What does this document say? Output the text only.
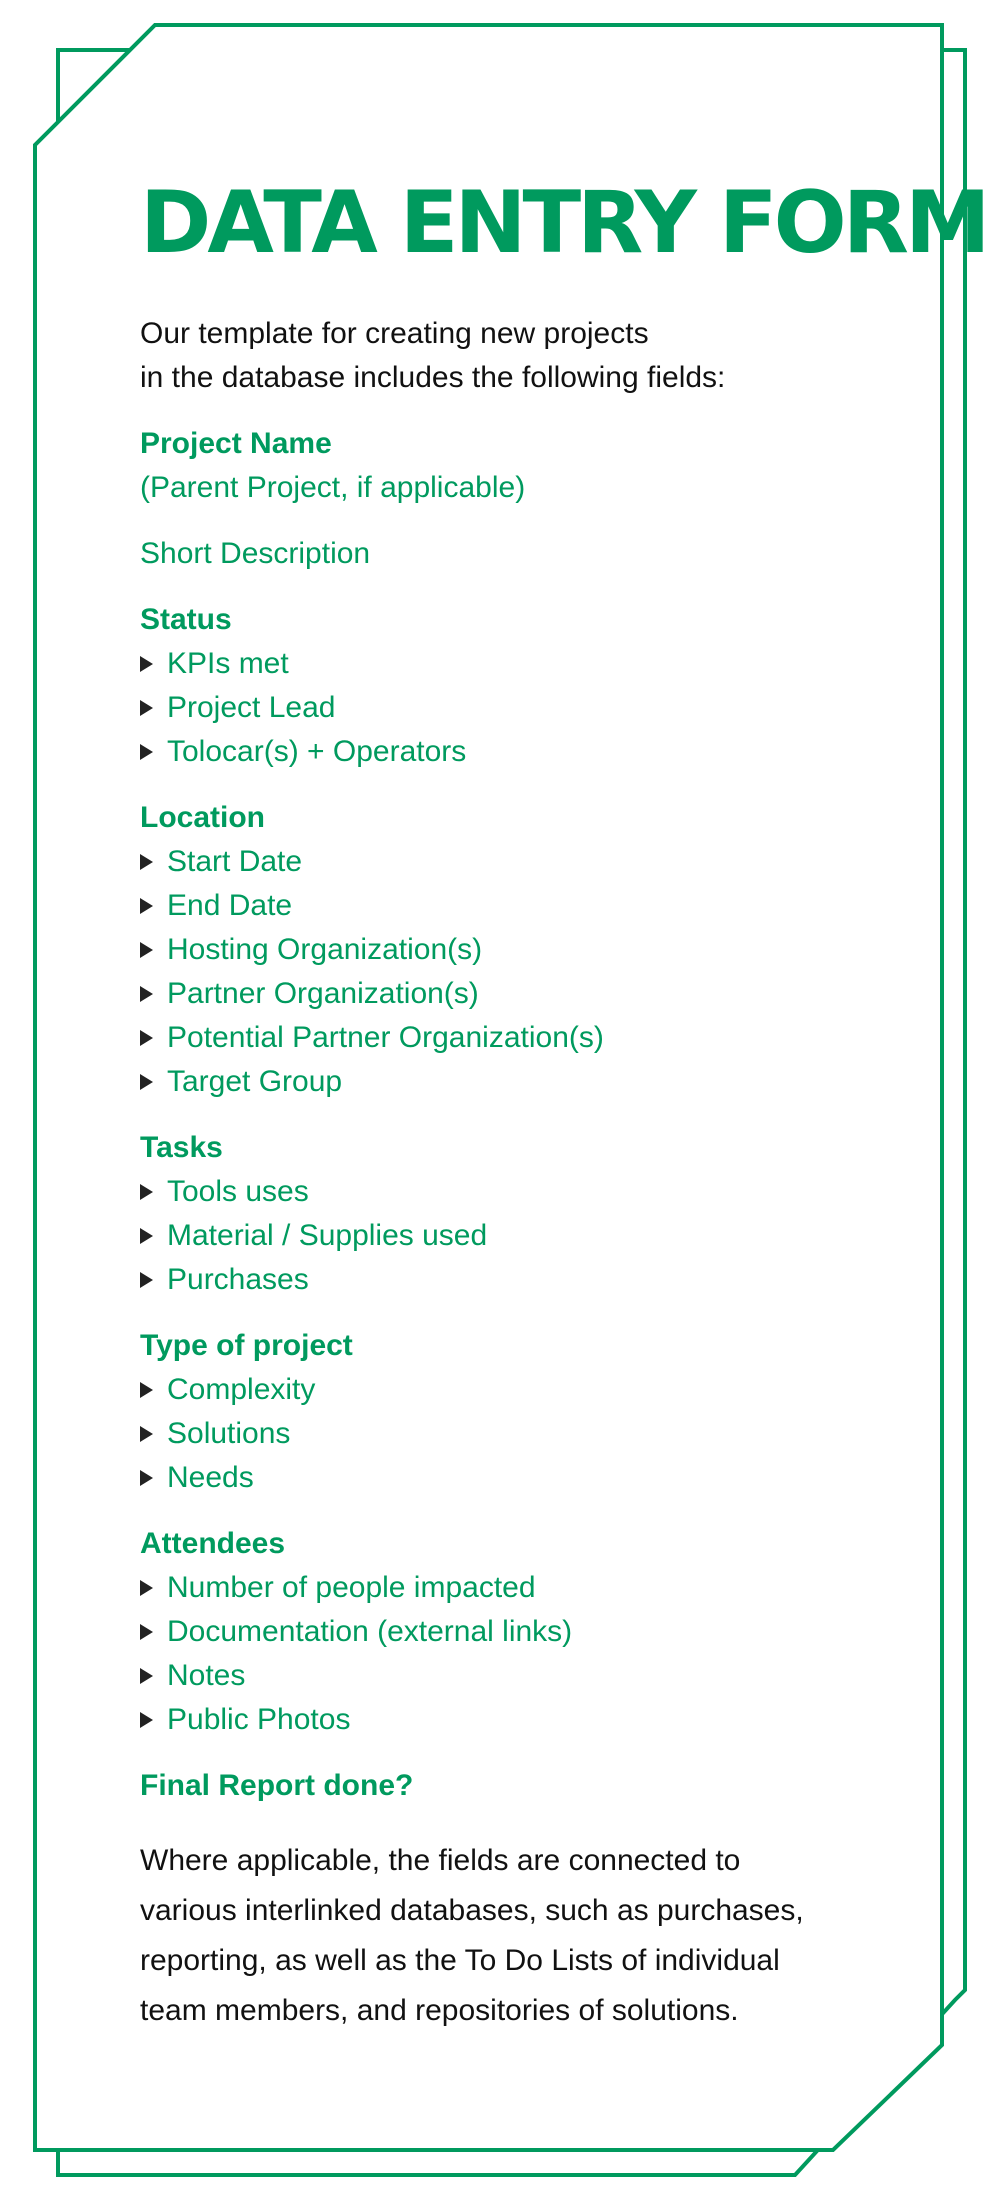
DATA ENTRY FORM
Our template for creating new projects
in the database includes the following fields:
Project Name
(Parent Project, if applicable)
Short Description
Status
KPIs met
Project Lead
Tolocar(s) + Operators
Location
Start Date
End Date
Hosting Organization(s)
Partner Organization(s)
Potential Partner Organization(s)
Target Group
Tasks
Tools uses
Material / Supplies used
Purchases
Type of project
Complexity
Solutions
Needs
Attendees
Number of people impacted
Documentation (external links)
Notes
Public Photos
Final Report done?
Where applicable, the fields are connected to
various interlinked databases, such as purchases,
reporting, as well as the To Do Lists of individual
team members, and repositories of solutions.
